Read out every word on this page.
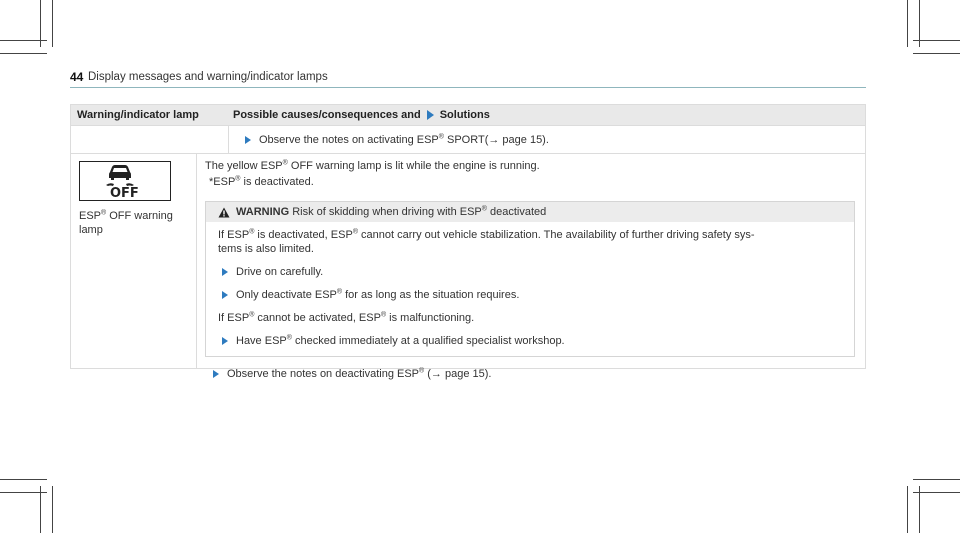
44 Display messages and warning/indicator lamps
Warning/indicator lamp	Possible causes/consequences and Solutions
Observe the notes on activating ESP® SPORT(→ page 15).
OFF
ESP® OFF warning lamp
The yellow ESP® OFF warning lamp is lit while the engine is running.
*ESP® is deactivated.
WARNING Risk of skidding when driving with ESP® deactivated
If ESP® is deactivated, ESP® cannot carry out vehicle stabilization. The availability of further driving safety sys-
tems is also limited.
Drive on carefully.
Only deactivate ESP® for as long as the situation requires.
If ESP® cannot be activated, ESP® is malfunctioning.
Have ESP® checked immediately at a qualified specialist workshop.
Observe the notes on deactivating ESP® (→ page 15).
